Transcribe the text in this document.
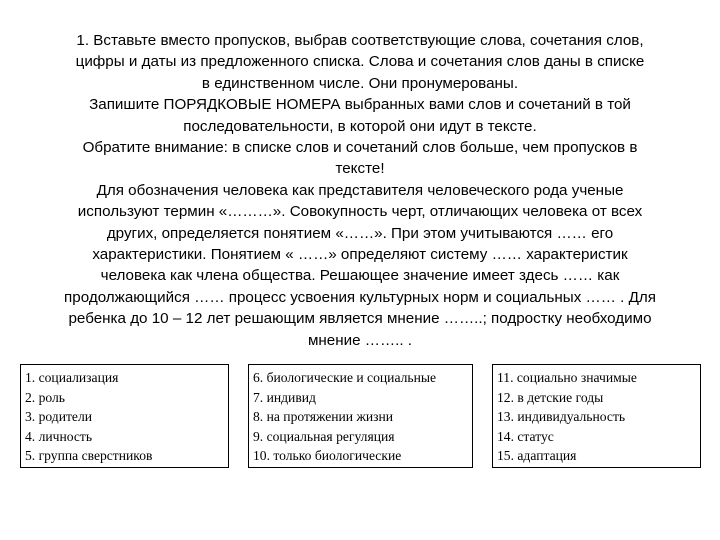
1. Вставьте вместо пропусков, выбрав соответствующие слова, сочетания слов,
цифры и даты из предложенного списка. Слова и сочетания слов даны в списке
в единственном числе. Они пронумерованы.
Запишите ПОРЯДКОВЫЕ НОМЕРА выбранных вами слов и сочетаний в той
последовательности, в которой они идут в тексте.
Обратите внимание: в списке слов и сочетаний слов больше, чем пропусков в
тексте!
Для обозначения человека как представителя человеческого рода ученые
используют термин «………». Совокупность черт, отличающих человека от всех
других, определяется понятием «……». При этом учитываются …… его
характеристики. Понятием « ……» определяют систему …… характеристик
человека как члена общества. Решающее значение имеет здесь …… как
продолжающийся …… процесс усвоения культурных норм и социальных …… . Для
ребенка до 10 – 12 лет решающим является мнение ……..; подростку необходимо
мнение …….. .
1. социализация
2. роль
3. родители
4. личность
5. группа сверстников

6. биологические и социальные
7. индивид
8. на протяжении жизни
9. социальная регуляция
10. только биологические

11. социально значимые
12. в детские годы
13. индивидуальность
14. статус
15. адаптация
